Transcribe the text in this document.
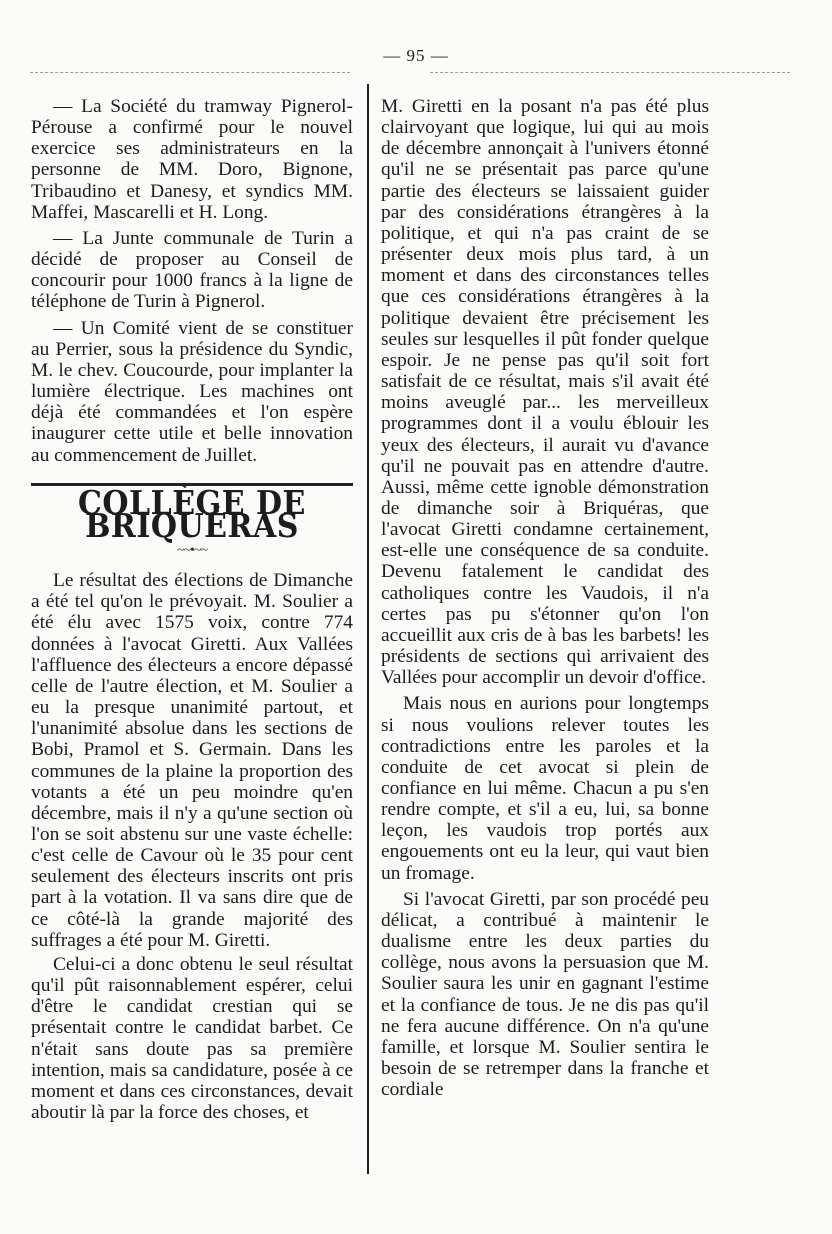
— 95 —

— La Société du tramway Pignerol-Pérouse a confirmé pour le nouvel exercice ses administrateurs en la personne de MM. Doro, Bignone, Tribaudino et Danesy, et syndics MM. Maffei, Mascarelli et H. Long.

— La Junte communale de Turin a décidé de proposer au Conseil de concourir pour 1000 francs à la ligne de téléphone de Turin à Pignerol.

— Un Comité vient de se constituer au Perrier, sous la présidence du Syndic, M. le chev. Coucourde, pour implanter la lumière électrique. Les machines ont déjà été commandées et l'on espère inaugurer cette utile et belle innovation au commencement de Juillet.

COLLÈGE DE BRIQUÉRAS
~~•~~

Le résultat des élections de Dimanche a été tel qu'on le prévoyait. M. Soulier a été élu avec 1575 voix, contre 774 données à l'avocat Giretti. Aux Vallées l'affluence des électeurs a encore dépassé celle de l'autre élection, et M. Soulier a eu la presque unanimité partout, et l'unanimité absolue dans les sections de Bobi, Pramol et S. Germain. Dans les communes de la plaine la proportion des votants a été un peu moindre qu'en décembre, mais il n'y a qu'une section où l'on se soit abstenu sur une vaste échelle: c'est celle de Cavour où le 35 pour cent seulement des électeurs inscrits ont pris part à la votation. Il va sans dire que de ce côté-là la grande majorité des suffrages a été pour M. Giretti.

Celui-ci a donc obtenu le seul résultat qu'il pût raisonnablement espérer, celui d'être le candidat crestian qui se présentait contre le candidat barbet. Ce n'était sans doute pas sa première intention, mais sa candidature, posée à ce moment et dans ces circonstances, devait aboutir là par la force des choses, et

M. Giretti en la posant n'a pas été plus clairvoyant que logique, lui qui au mois de décembre annonçait à l'univers étonné qu'il ne se présentait pas parce qu'une partie des électeurs se laissaient guider par des considérations étrangères à la politique, et qui n'a pas craint de se présenter deux mois plus tard, à un moment et dans des circonstances telles que ces considérations étrangères à la politique devaient être précisement les seules sur lesquelles il pût fonder quelque espoir. Je ne pense pas qu'il soit fort satisfait de ce résultat, mais s'il avait été moins aveuglé par... les merveilleux programmes dont il a voulu éblouir les yeux des électeurs, il aurait vu d'avance qu'il ne pouvait pas en attendre d'autre. Aussi, même cette ignoble démonstration de dimanche soir à Briquéras, que l'avocat Giretti condamne certainement, est-elle une conséquence de sa conduite. Devenu fatalement le candidat des catholiques contre les Vaudois, il n'a certes pas pu s'étonner qu'on l'on accueillit aux cris de à bas les barbets! les présidents de sections qui arrivaient des Vallées pour accomplir un devoir d'office.

Mais nous en aurions pour longtemps si nous voulions relever toutes les contradictions entre les paroles et la conduite de cet avocat si plein de confiance en lui même. Chacun a pu s'en rendre compte, et s'il a eu, lui, sa bonne leçon, les vaudois trop portés aux engouements ont eu la leur, qui vaut bien un fromage.

Si l'avocat Giretti, par son procédé peu délicat, a contribué à maintenir le dualisme entre les deux parties du collège, nous avons la persuasion que M. Soulier saura les unir en gagnant l'estime et la confiance de tous. Je ne dis pas qu'il ne fera aucune différence. On n'a qu'une famille, et lorsque M. Soulier sentira le besoin de se retremper dans la franche et cordiale
